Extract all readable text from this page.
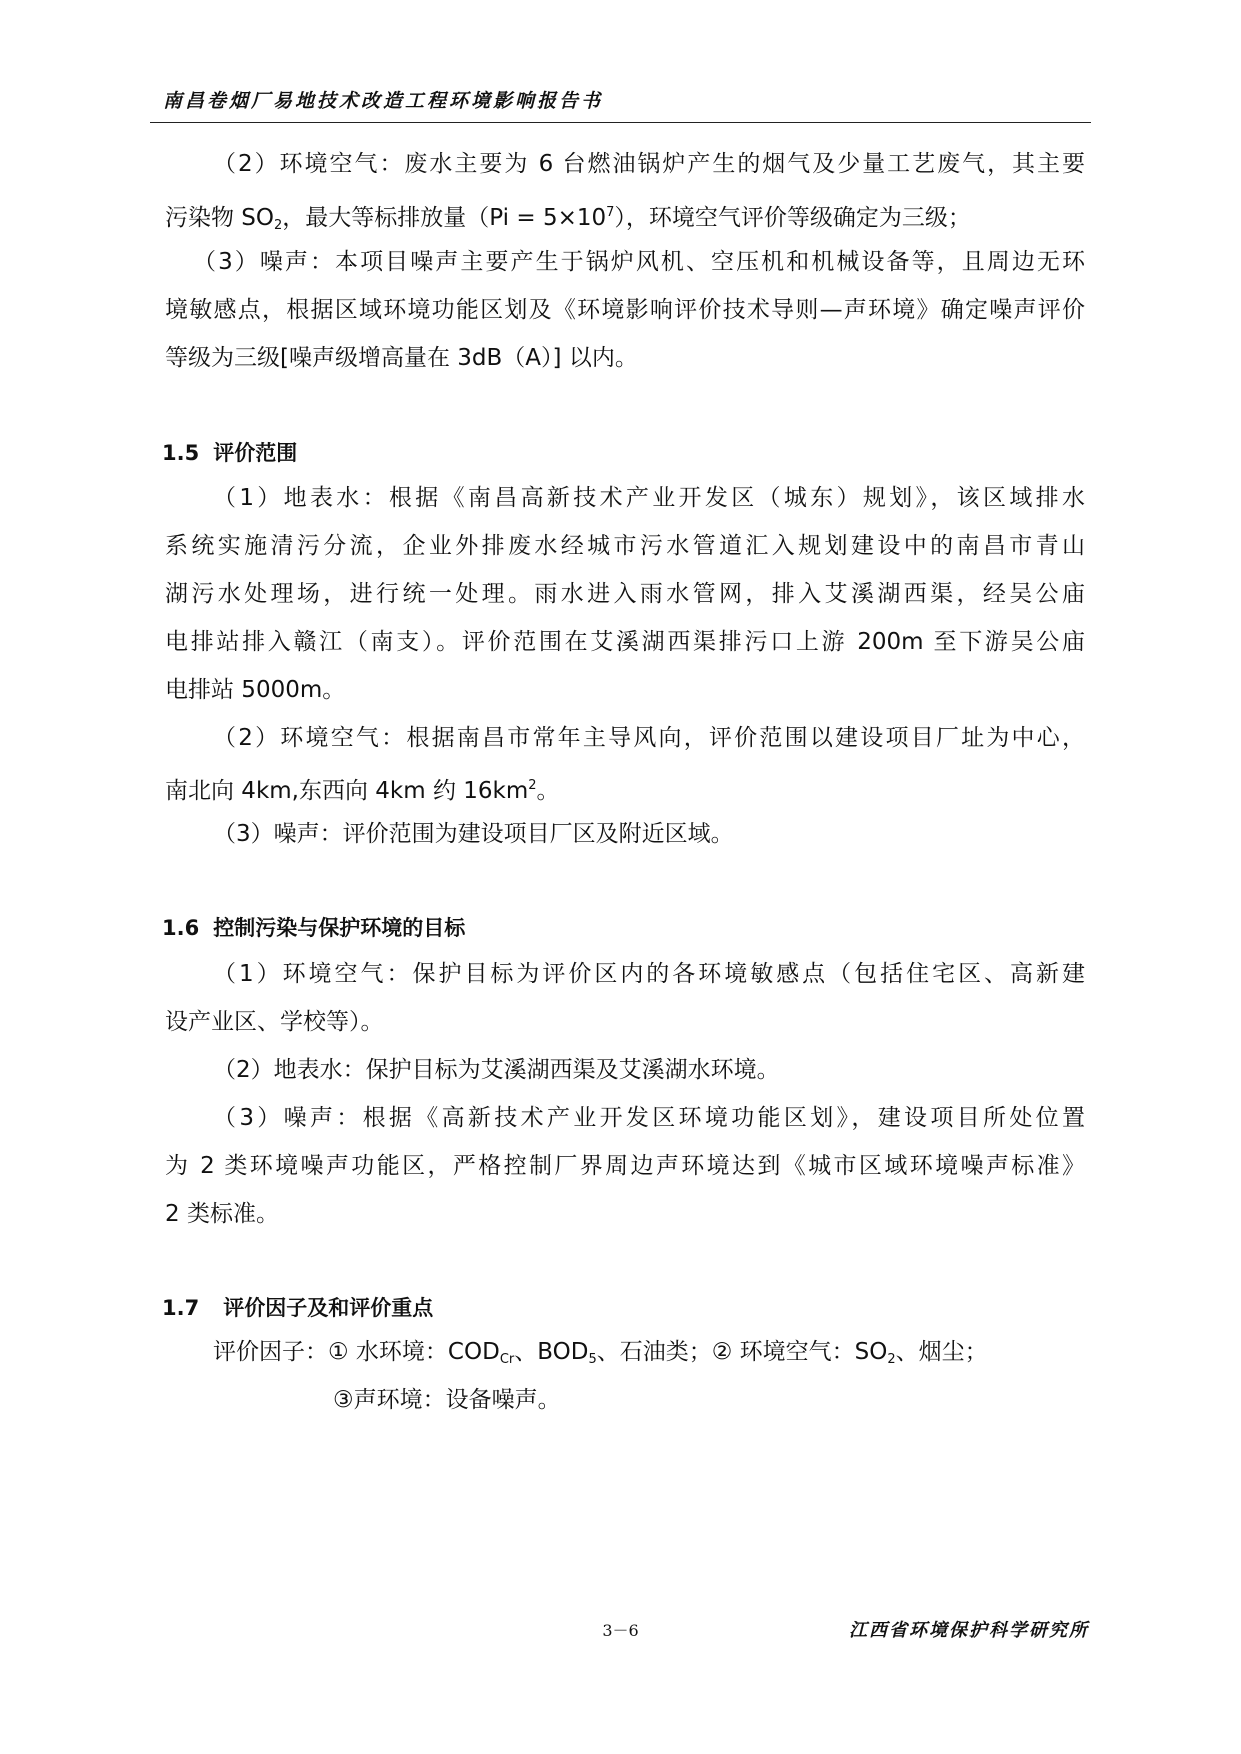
南昌卷烟厂易地技术改造工程环境影响报告书
（2）环境空气：废水主要为 6 台燃油锅炉产生的烟气及少量工艺废气，其主要
污染物 $SO_2$，最大等标排放量$(Pi = 5\times 10^7)$，环境空气评价等级确定为三级；
（3）噪声：本项目噪声主要产生于锅炉风机、空压机和机械设备等，且周边无环
境敏感点，根据区域环境功能区划及《环境影响评价技术导则—声环境》确定噪声评价
等级为三级[噪声级增高量在 3dB（A）] 以内。
1.5 评价范围
（1）地表水：根据《南昌高新技术产业开发区（城东）规划》，该区域排水
系统实施清污分流，企业外排废水经城市污水管道汇入规划建设中的南昌市青山
湖污水处理场，进行统一处理。雨水进入雨水管网，排入艾溪湖西渠，经吴公庙
电排站排入赣江（南支）。评价范围在艾溪湖西渠排污口上游 200m 至下游吴公庙
电排站 5000m。
（2）环境空气：根据南昌市常年主导风向，评价范围以建设项目厂址为中心，
南北向 4km,东西向 4km 约 $16km^2$。
（3）噪声：评价范围为建设项目厂区及附近区域。
1.6 控制污染与保护环境的目标
（1）环境空气：保护目标为评价区内的各环境敏感点（包括住宅区、高新建
设产业区、学校等）。
（2）地表水：保护目标为艾溪湖西渠及艾溪湖水环境。
（3）噪声：根据《高新技术产业开发区环境功能区划》，建设项目所处位置
为 2 类环境噪声功能区，严格控制厂界周边声环境达到《城市区域环境噪声标准》
2 类标准。
1.7 评价因子及和评价重点
评价因子：① 水环境：$COD_{Cr}$、$BOD_5$、石油类；② 环境空气：$SO_2$、烟尘；
③声环境：设备噪声。
3－6	江西省环境保护科学研究所
